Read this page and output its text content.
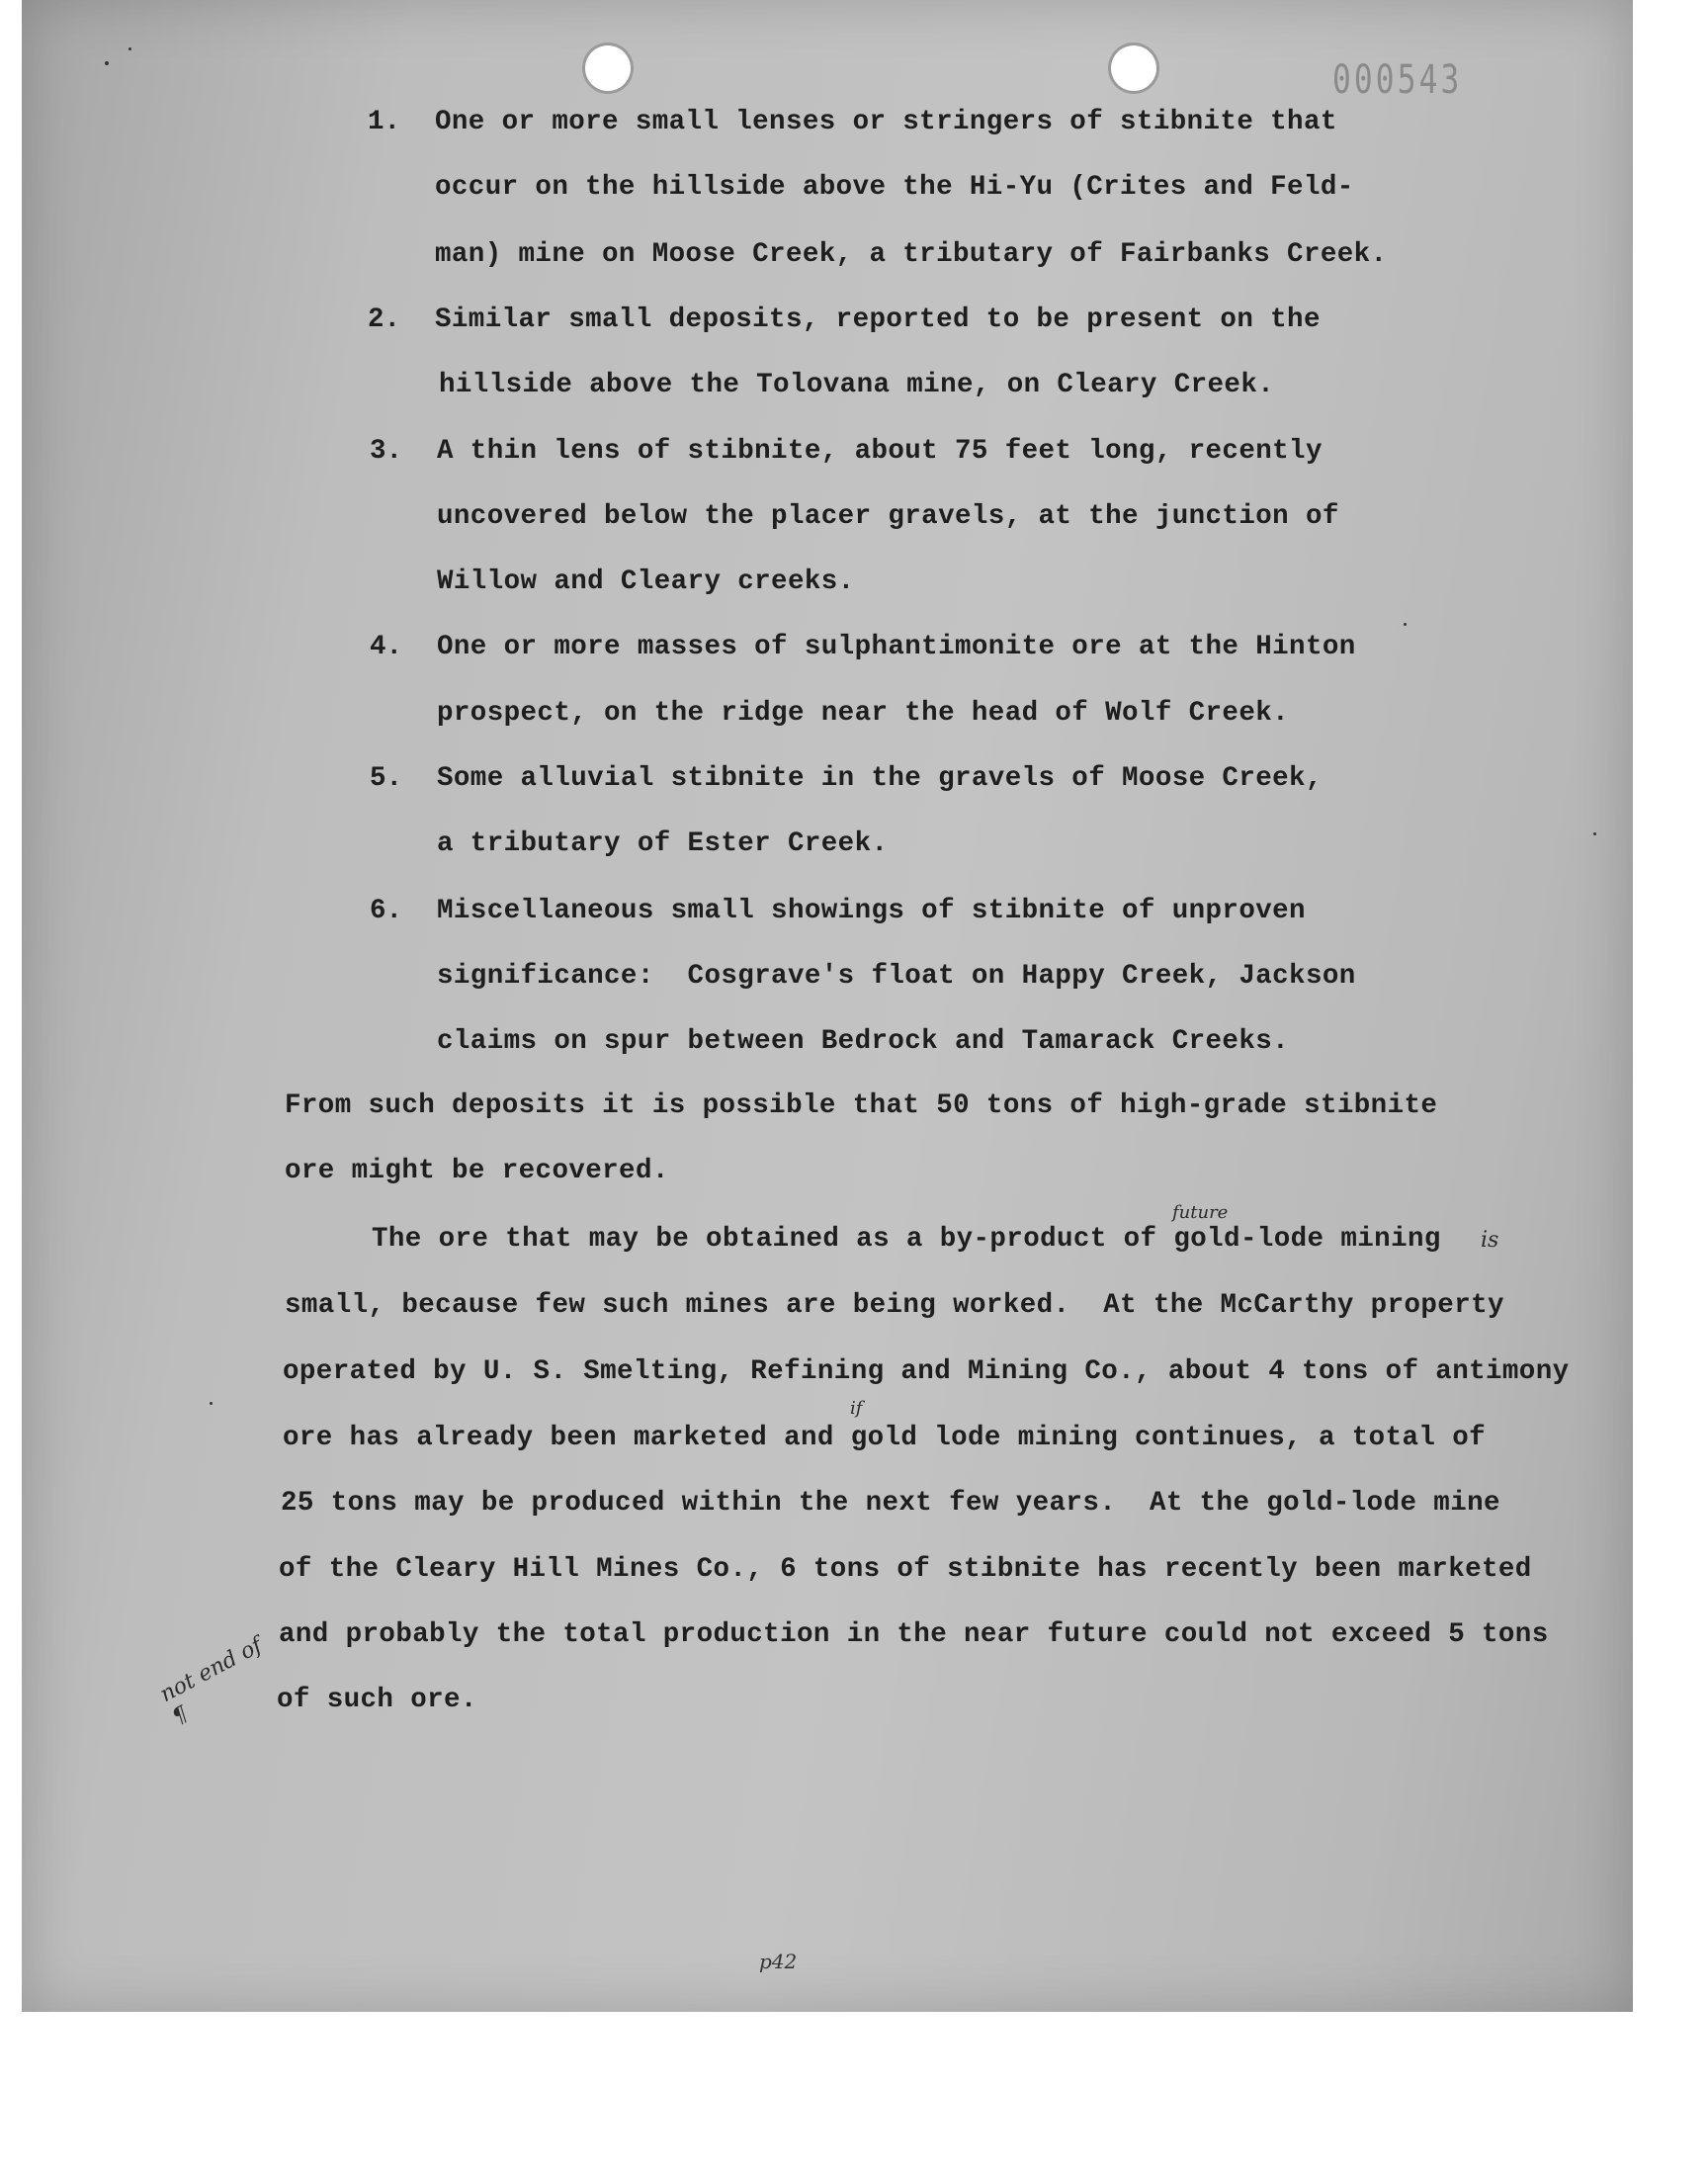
000543
1. One or more small lenses or stringers of stibnite that
occur on the hillside above the Hi-Yu (Crites and Feld-
man) mine on Moose Creek, a tributary of Fairbanks Creek.
2. Similar small deposits, reported to be present on the
hillside above the Tolovana mine, on Cleary Creek.
3. A thin lens of stibnite, about 75 feet long, recently
uncovered below the placer gravels, at the junction of
Willow and Cleary creeks.
4. One or more masses of sulphantimonite ore at the Hinton
prospect, on the ridge near the head of Wolf Creek.
5. Some alluvial stibnite in the gravels of Moose Creek,
a tributary of Ester Creek.
6. Miscellaneous small showings of stibnite of unproven
significance:  Cosgrave's float on Happy Creek, Jackson
claims on spur between Bedrock and Tamarack Creeks.
From such deposits it is possible that 50 tons of high-grade stibnite
ore might be recovered.
future
The ore that may be obtained as a by-product of gold-lode mining is
small, because few such mines are being worked.  At the McCarthy property
operated by U. S. Smelting, Refining and Mining Co., about 4 tons of antimony
if
ore has already been marketed and gold lode mining continues, a total of
25 tons may be produced within the next few years.  At the gold-lode mine
of the Cleary Hill Mines Co., 6 tons of stibnite has recently been marketed
and probably the total production in the near future could not exceed 5 tons
of such ore.
not end of ¶
p42
